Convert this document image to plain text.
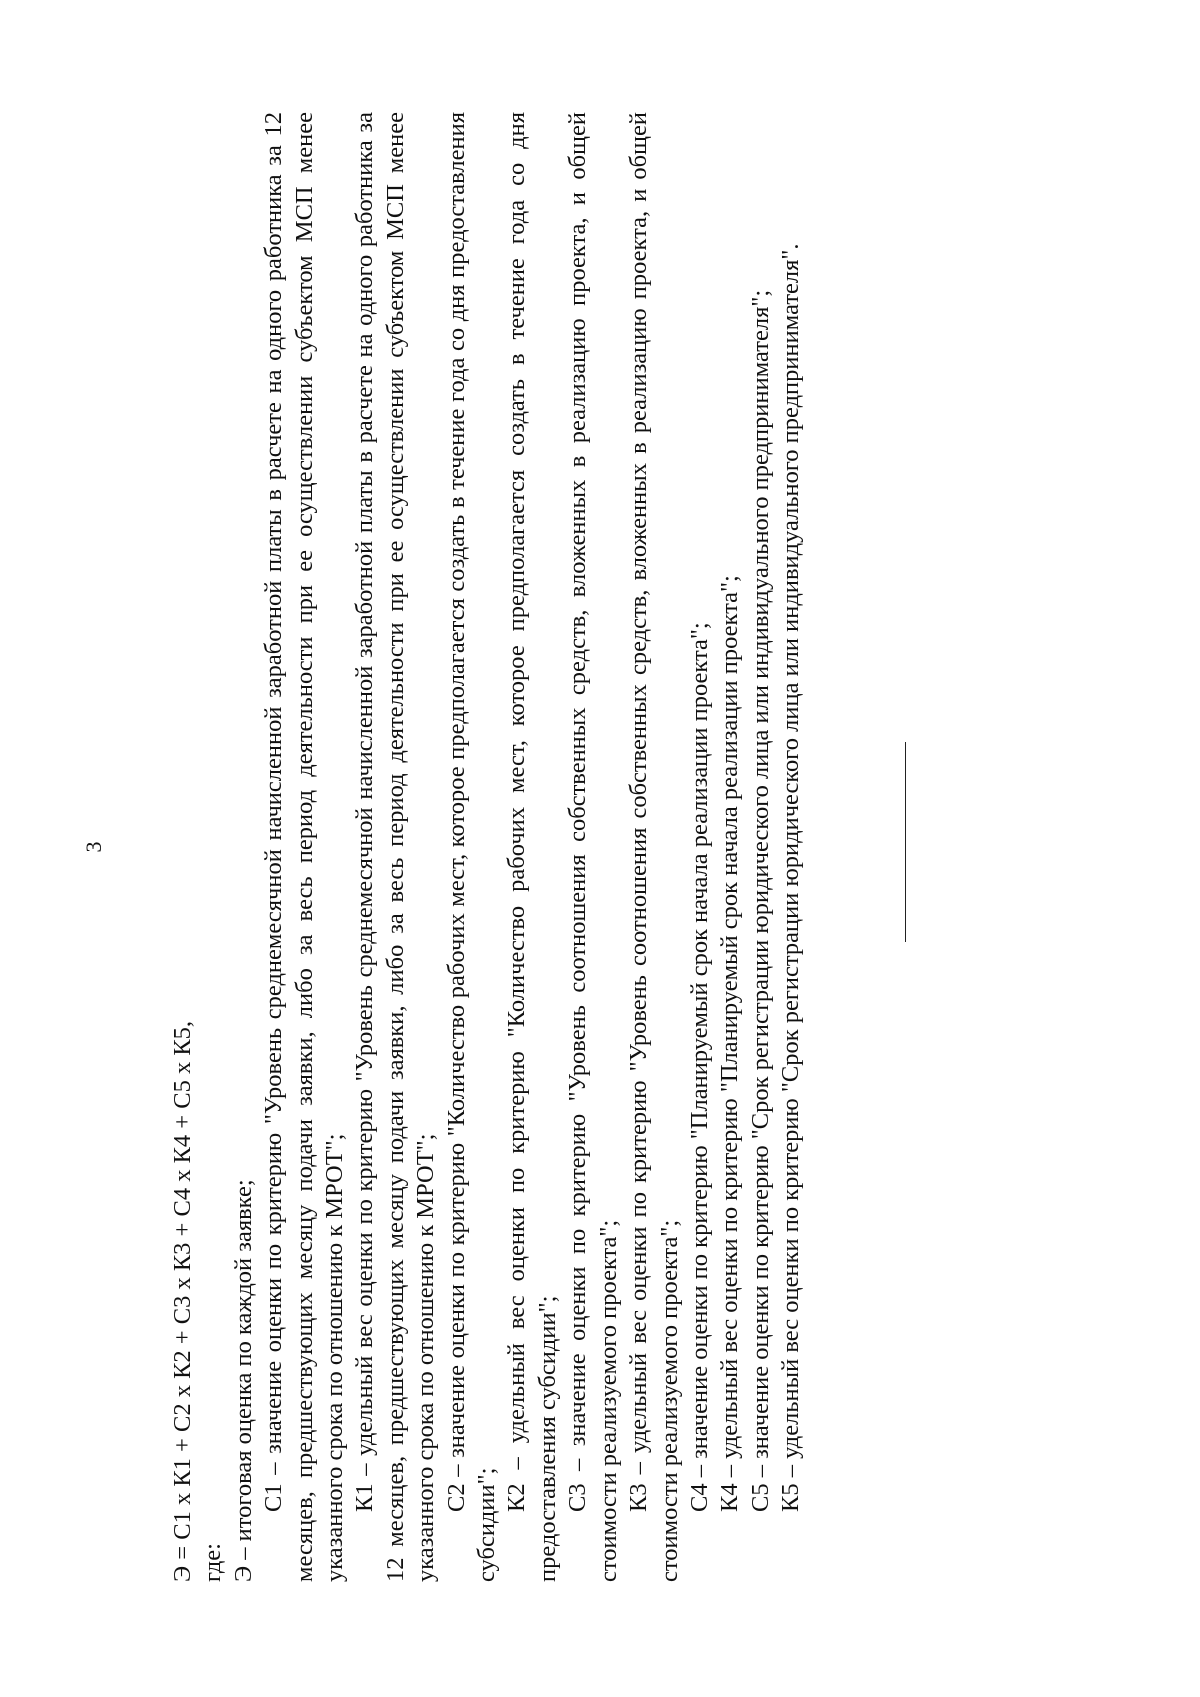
3

Э = С1 x К1 + С2 x К2 + С3 x К3 + С4 x К4 + С5 x К5, где: Э – итоговая оценка по каждой заявке; С1 – значение оценки по критерию "Уровень среднемесячной начисленной заработной платы в расчете на одного работника за 12 месяцев, предшествующих месяцу подачи заявки, либо за весь период деятельности при ее осуществлении субъектом МСП менее указанного срока по отношению к МРОТ"; К1 – удельный вес оценки по критерию "Уровень среднемесячной начисленной заработной платы в расчете на одного работника за 12 месяцев, предшествующих месяцу подачи заявки, либо за весь период деятельности при ее осуществлении субъектом МСП менее указанного срока по отношению к МРОТ"; С2 – значение оценки по критерию "Количество рабочих мест, которое предполагается создать в течение года со дня предоставления субсидии";

К2 – удельный вес оценки по критерию "Количество рабочих мест, которое предполагается создать в течение года со дня предоставления субсидии"; С3 – значение оценки по критерию "Уровень соотношения собственных средств, вложенных в реализацию проекта, и общей стоимости реализуемого проекта"; К3 – удельный вес оценки по критерию "Уровень соотношения собственных средств, вложенных в реализацию проекта, и общей стоимости реализуемого проекта"; С4 – значение оценки по критерию "Планируемый срок начала реализации проекта"; К4 – удельный вес оценки по критерию "Планируемый срок начала реализации проекта"; С5 – значение оценки по критерию "Срок регистрации юридического лица или индивидуального предпринимателя"; К5 – удельный вес оценки по критерию "Срок регистрации юридического лица или индивидуального предпринимателя".
